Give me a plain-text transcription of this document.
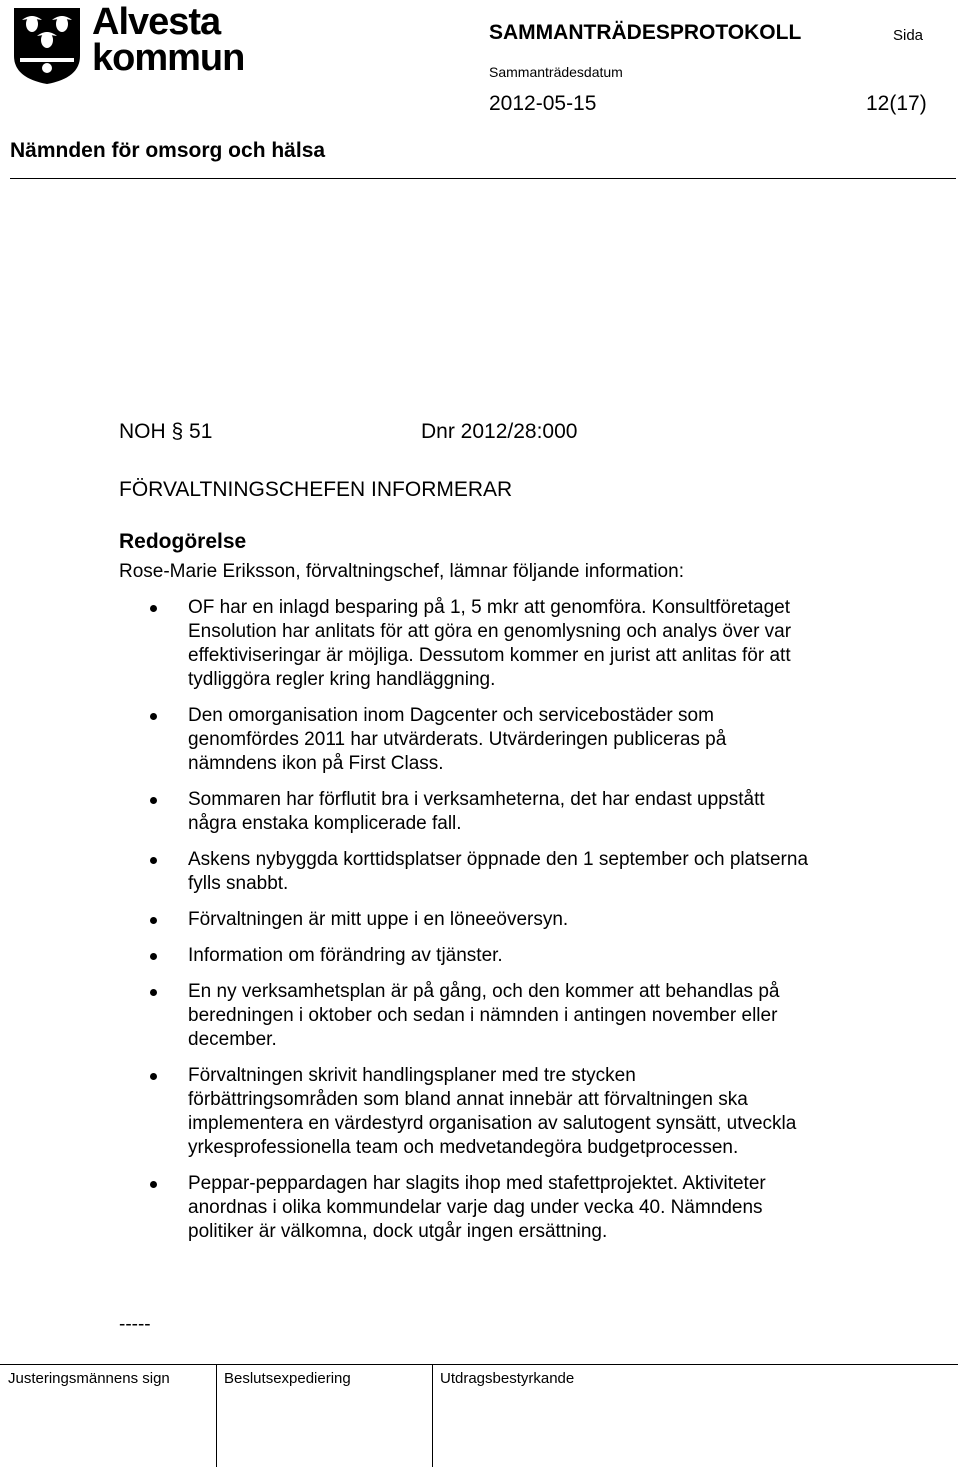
Alvesta
kommun
SAMMANTRÄDESPROTOKOLL	Sida
Sammanträdesdatum
2012-05-15	12(17)
Nämnden för omsorg och hälsa
NOH § 51	Dnr 2012/28:000
FÖRVALTNINGSCHEFEN INFORMERAR
Redogörelse
Rose-Marie Eriksson, förvaltningschef, lämnar följande information:
OF har en inlagd besparing på 1, 5 mkr att genomföra. Konsultföretaget Ensolution har anlitats för att göra en genomlysning och analys över var effektiviseringar är möjliga. Dessutom kommer en jurist att anlitas för att tydliggöra regler kring handläggning.
Den omorganisation inom Dagcenter och servicebostäder som genomfördes 2011 har utvärderats. Utvärderingen publiceras på nämndens ikon på First Class.
Sommaren har förflutit bra i verksamheterna, det har endast uppstått några enstaka komplicerade fall.
Askens nybyggda korttidsplatser öppnade den 1 september och platserna fylls snabbt.
Förvaltningen är mitt uppe i en löneeöversyn.
Information om förändring av tjänster.
En ny verksamhetsplan är på gång, och den kommer att behandlas på beredningen i oktober och sedan i nämnden i antingen november eller december.
Förvaltningen skrivit handlingsplaner med tre stycken förbättringsområden som bland annat innebär att förvaltningen ska implementera en värdestyrd organisation av salutogent synsätt, utveckla yrkesprofessionella team och medvetandegöra budgetprocessen.
Peppar-peppardagen har slagits ihop med stafettprojektet. Aktiviteter anordnas i olika kommundelar varje dag under vecka 40. Nämndens politiker är välkomna, dock utgår ingen ersättning.
-----
Justeringsmännens sign	Beslutsexpediering	Utdragsbestyrkande
